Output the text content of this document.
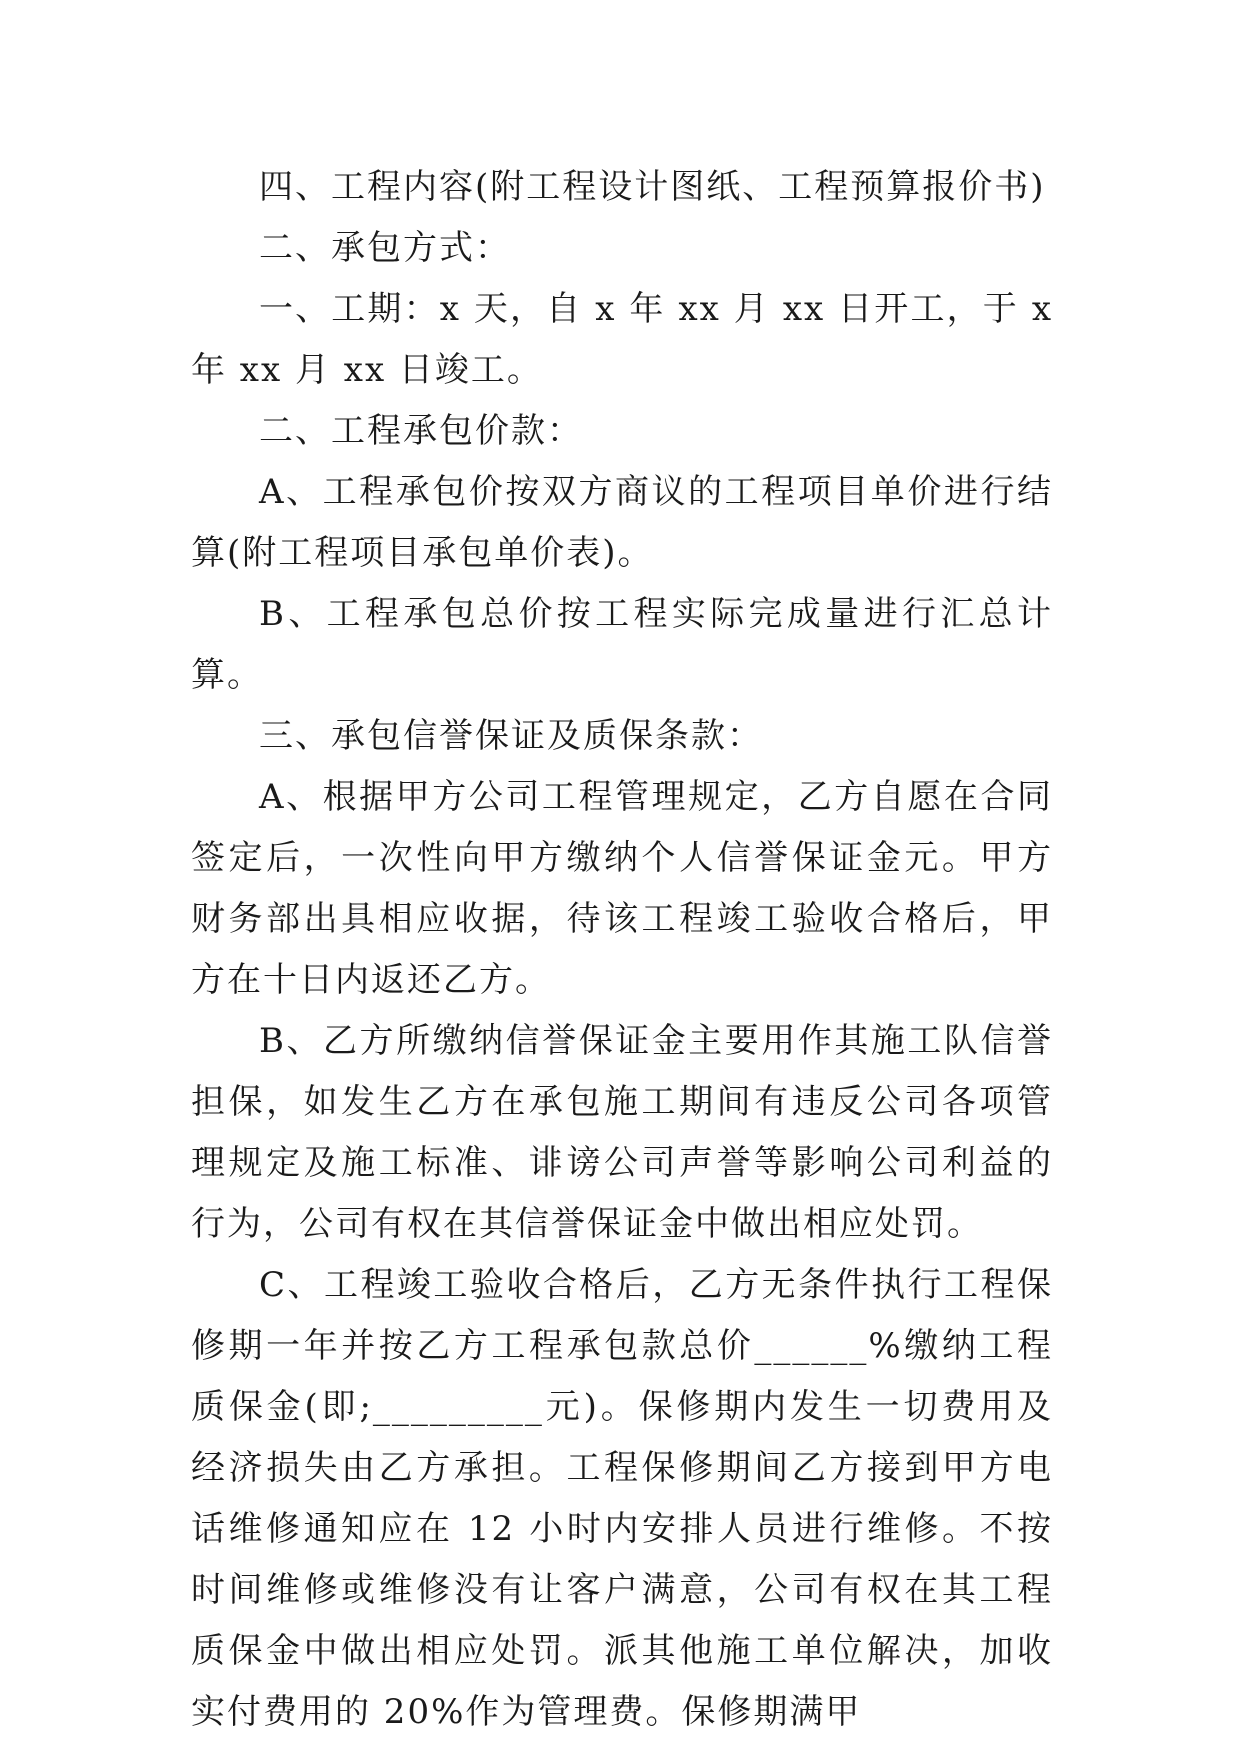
四、工程内容(附工程设计图纸、工程预算报价书)

二、承包方式：

一、工期：x 天，自 x 年 xx 月 xx 日开工，于 x 年 xx 月 xx 日竣工。

二、工程承包价款：

A、工程承包价按双方商议的工程项目单价进行结算(附工程项目承包单价表)。

B、工程承包总价按工程实际完成量进行汇总计算。

三、承包信誉保证及质保条款：

A、根据甲方公司工程管理规定，乙方自愿在合同签定后，一次性向甲方缴纳个人信誉保证金元。甲方财务部出具相应收据，待该工程竣工验收合格后，甲方在十日内返还乙方。

B、乙方所缴纳信誉保证金主要用作其施工队信誉担保，如发生乙方在承包施工期间有违反公司各项管理规定及施工标准、诽谤公司声誉等影响公司利益的行为，公司有权在其信誉保证金中做出相应处罚。

C、工程竣工验收合格后，乙方无条件执行工程保修期一年并按乙方工程承包款总价______%缴纳工程质保金(即;_________元)。保修期内发生一切费用及经济损失由乙方承担。工程保修期间乙方接到甲方电话维修通知应在 12 小时内安排人员进行维修。不按时间维修或维修没有让客户满意，公司有权在其工程质保金中做出相应处罚。派其他施工单位解决，加收实付费用的 20%作为管理费。保修期满甲
